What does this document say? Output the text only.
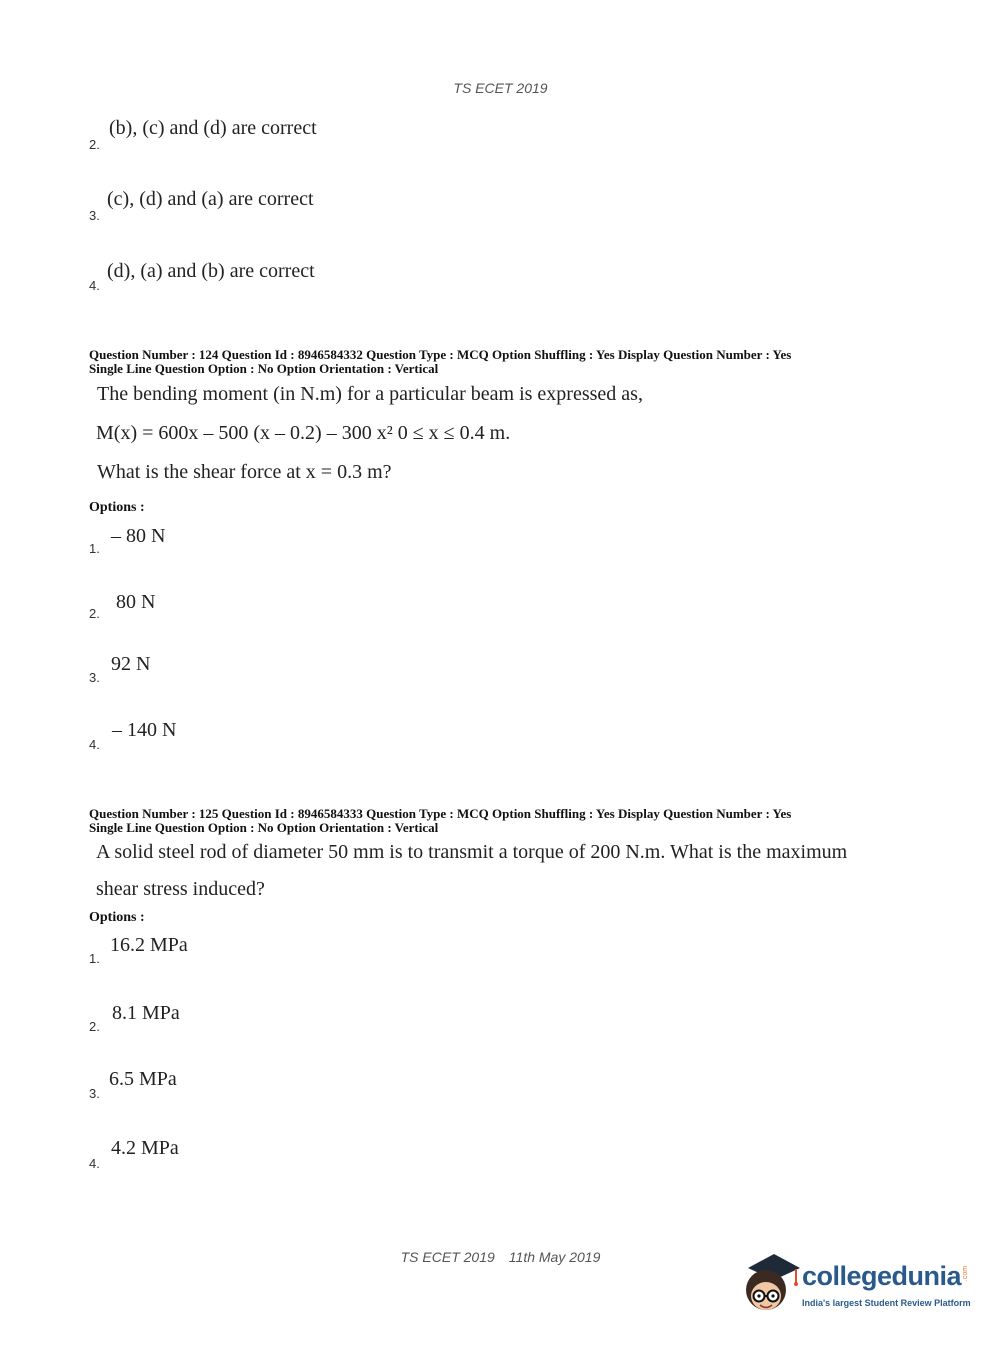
TS ECET 2019
2.
(b), (c) and (d) are correct
3.
(c), (d) and (a) are correct
4.
(d), (a) and (b) are correct
Question Number : 124 Question Id : 8946584332 Question Type : MCQ Option Shuffling : Yes Display Question Number : Yes
Single Line Question Option : No Option Orientation : Vertical
The bending moment (in N.m) for a particular beam is expressed as,
M(x) = 600x – 500 (x – 0.2) – 300 x² 0 ≤ x ≤ 0.4 m.
What is the shear force at x = 0.3 m?
Options :
1.
– 80 N
2.
80 N
3.
92 N
4.
– 140 N
Question Number : 125 Question Id : 8946584333 Question Type : MCQ Option Shuffling : Yes Display Question Number : Yes
Single Line Question Option : No Option Orientation : Vertical
A solid steel rod of diameter 50 mm is to transmit a torque of 200 N.m. What is the maximum
shear stress induced?
Options :
1.
16.2 MPa
2.
8.1 MPa
3.
6.5 MPa
4.
4.2 MPa
TS ECET 2019 11th May 2019
collegedunia .com
India's largest Student Review Platform
